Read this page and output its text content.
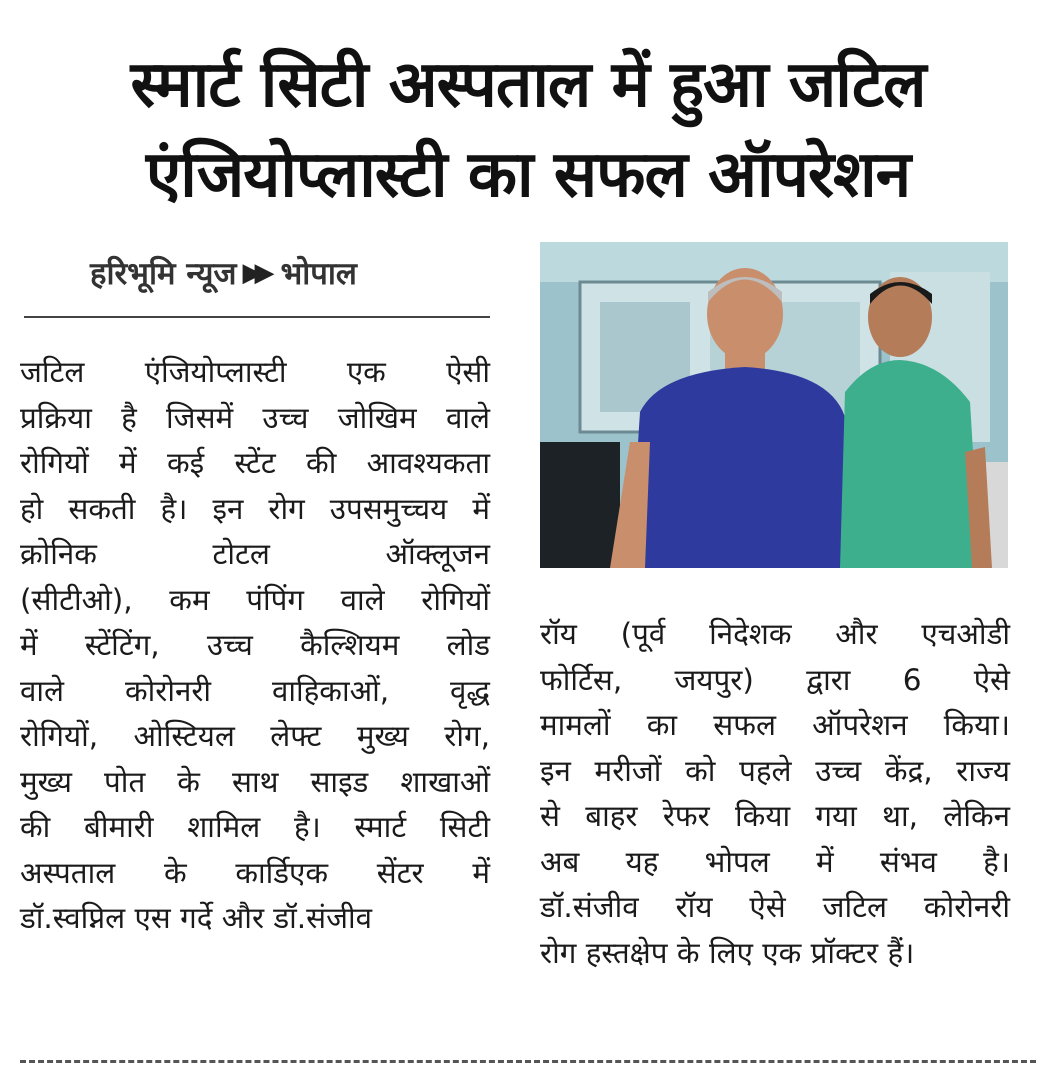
स्मार्ट सिटी अस्पताल में हुआ जटिल
एंजियोप्लास्टी का सफल ऑपरेशन
हरिभूमि न्यूज ▶▶ भोपाल
जटिल एंजियोप्लास्टी एक ऐसी
प्रक्रिया है जिसमें उच्च जोखिम वाले
रोगियों में कई स्टेंट की आवश्यकता
हो सकती है। इन रोग उपसमुच्चय में
क्रोनिक टोटल ऑक्लूजन
(सीटीओ), कम पंपिंग वाले रोगियों
में स्टेंटिंग, उच्च कैल्शियम लोड
वाले कोरोनरी वाहिकाओं, वृद्ध
रोगियों, ओस्टियल लेफ्ट मुख्य रोग,
मुख्य पोत के साथ साइड शाखाओं
की बीमारी शामिल है। स्मार्ट सिटी
अस्पताल के कार्डिएक सेंटर में
डॉ.स्वप्निल एस गर्दे और डॉ.संजीव
रॉय (पूर्व निदेशक और एचओडी
फोर्टिस, जयपुर) द्वारा 6 ऐसे
मामलों का सफल ऑपरेशन किया।
इन मरीजों को पहले उच्च केंद्र, राज्य
से बाहर रेफर किया गया था, लेकिन
अब यह भोपल में संभव है।
डॉ.संजीव रॉय ऐसे जटिल कोरोनरी
रोग हस्तक्षेप के लिए एक प्रॉक्टर हैं।
